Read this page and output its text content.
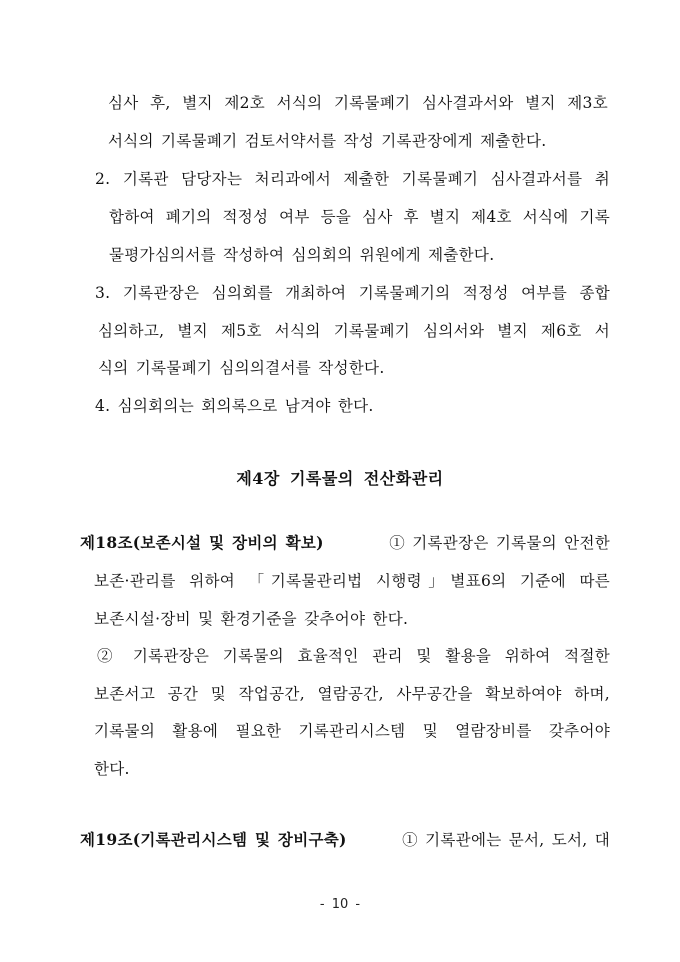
심사 후, 별지 제2호 서식의 기록물폐기 심사결과서와 별지 제3호
서식의 기록물폐기 검토서약서를 작성 기록관장에게 제출한다.
2. 기록관 담당자는 처리과에서 제출한 기록물폐기 심사결과서를 취
합하여 폐기의 적정성 여부 등을 심사 후 별지 제4호 서식에 기록
물평가심의서를 작성하여 심의회의 위원에게 제출한다.
3. 기록관장은 심의회를 개최하여 기록물폐기의 적정성 여부를 종합
심의하고, 별지 제5호 서식의 기록물폐기 심의서와 별지 제6호 서
식의 기록물폐기 심의의결서를 작성한다.
4. 심의회의는 회의록으로 남겨야 한다.
제4장 기록물의 전산화관리
제18조(보존시설 및 장비의 확보)	① 기록관장은 기록물의 안전한
보존·관리를 위하여 「기록물관리법 시행령」별표6의 기준에 따른
보존시설·장비 및 환경기준을 갖추어야 한다.
② 기록관장은 기록물의 효율적인 관리 및 활용을 위하여 적절한
보존서고 공간 및 작업공간, 열람공간, 사무공간을 확보하여야 하며,
기록물의 활용에 필요한 기록관리시스템 및 열람장비를 갖추어야
한다.
제19조(기록관리시스템 및 장비구축)	① 기록관에는 문서, 도서, 대
- 10 -
